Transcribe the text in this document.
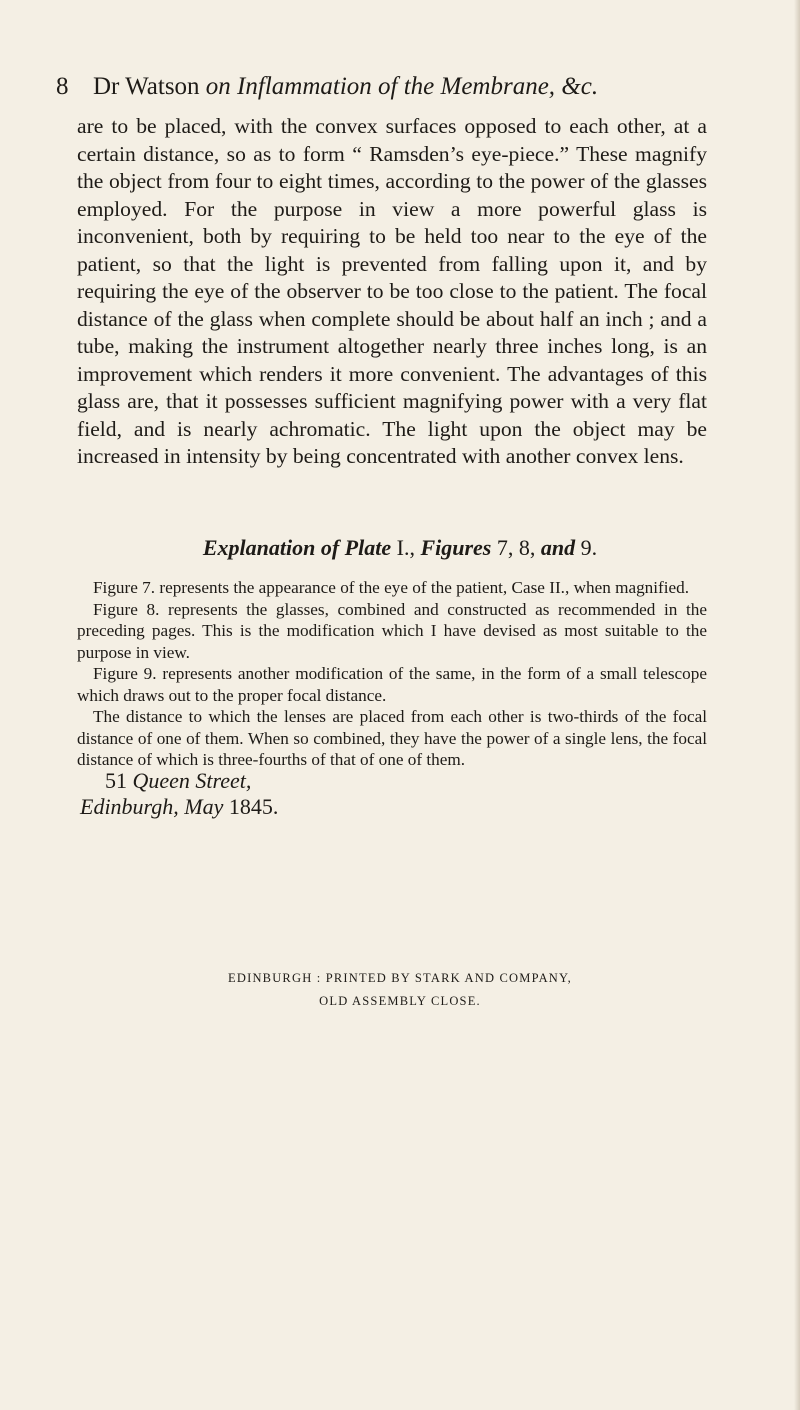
8 Dr Watson on Inflammation of the Membrane, &c.

are to be placed, with the convex surfaces opposed to each other, at a certain distance, so as to form “ Ramsden’s eye-piece.” These magnify the object from four to eight times, according to the power of the glasses employed. For the purpose in view a more powerful glass is inconvenient, both by requiring to be held too near to the eye of the patient, so that the light is prevented from falling upon it, and by requiring the eye of the observer to be too close to the patient. The focal distance of the glass when complete should be about half an inch ; and a tube, making the instrument altogether nearly three inches long, is an improvement which renders it more convenient. The advantages of this glass are, that it possesses sufficient magnifying power with a very flat field, and is nearly achromatic. The light upon the object may be increased in intensity by being concentrated with another convex lens.

Explanation of Plate I., Figures 7, 8, and 9.

Figure 7. represents the appearance of the eye of the patient, Case II., when magnified.

Figure 8. represents the glasses, combined and constructed as recommended in the preceding pages. This is the modification which I have devised as most suitable to the purpose in view.

Figure 9. represents another modification of the same, in the form of a small telescope which draws out to the proper focal distance.

The distance to which the lenses are placed from each other is two-thirds of the focal distance of one of them. When so combined, they have the power of a single lens, the focal distance of which is three-fourths of that of one of them.

51 Queen Street,
Edinburgh, May 1845.
EDINBURGH : PRINTED BY STARK AND COMPANY,
OLD ASSEMBLY CLOSE.
